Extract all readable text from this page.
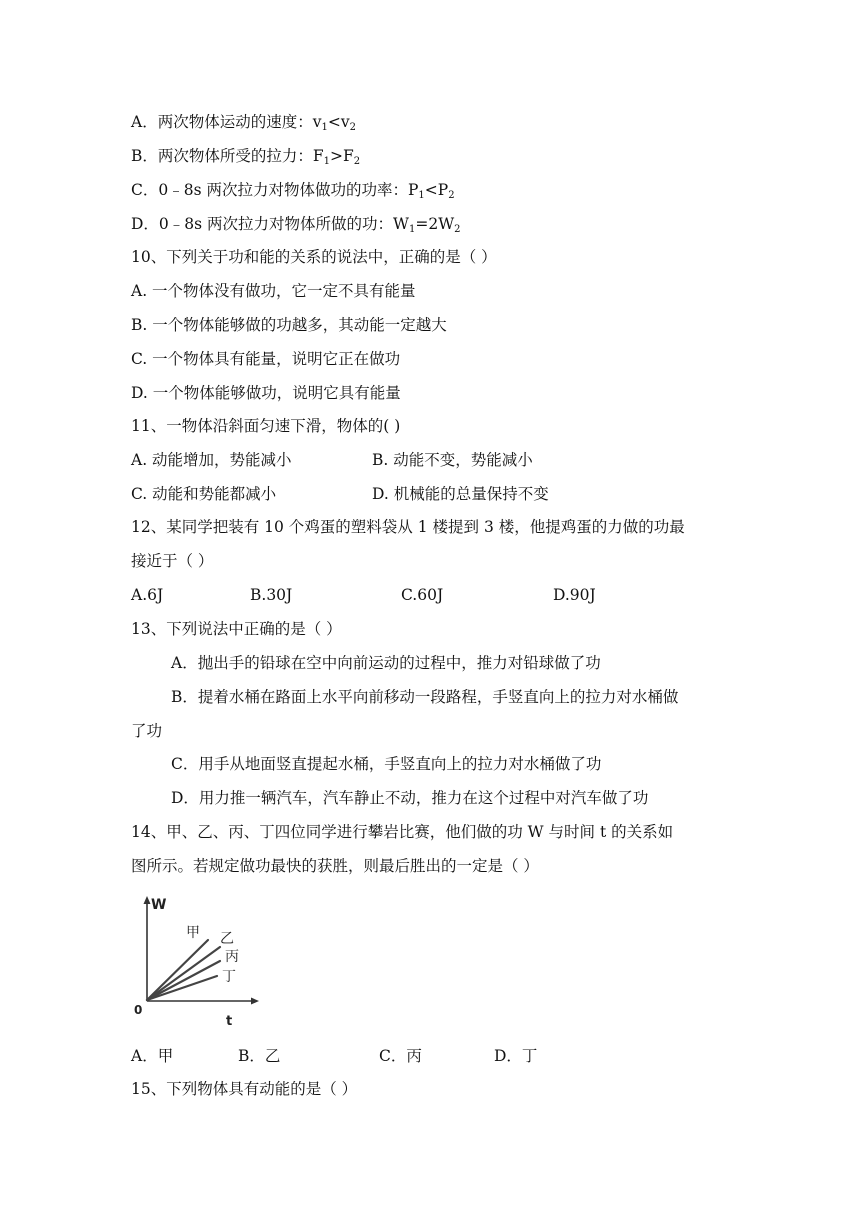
A．两次物体运动的速度：$v_1<v_2$
B．两次物体所受的拉力：$F_1>F_2$
C．0﹣8s 两次拉力对物体做功的功率：$P_1<P_2$
D．0﹣8s 两次拉力对物体所做的功：$W_1=2W_2$
10、下列关于功和能的关系的说法中，正确的是（ ）
A. 一个物体没有做功，它一定不具有能量
B. 一个物体能够做的功越多，其动能一定越大
C. 一个物体具有能量，说明它正在做功
D. 一个物体能够做功，说明它具有能量
11、一物体沿斜面匀速下滑，物体的( )
A. 动能增加，势能减小	B. 动能不变，势能减小
C. 动能和势能都减小	D. 机械能的总量保持不变
12、某同学把装有 10 个鸡蛋的塑料袋从 1 楼提到 3 楼，他提鸡蛋的力做的功最
接近于（ ）
A.6J	B.30J	C.60J	D.90J
13、下列说法中正确的是（ ）
A．抛出手的铅球在空中向前运动的过程中，推力对铅球做了功
B．提着水桶在路面上水平向前移动一段路程，手竖直向上的拉力对水桶做
了功
C．用手从地面竖直提起水桶，手竖直向上的拉力对水桶做了功
D．用力推一辆汽车，汽车静止不动，推力在这个过程中对汽车做了功
14、甲、乙、丙、丁四位同学进行攀岩比赛，他们做的功 W 与时间 t 的关系如
图所示。若规定做功最快的获胜，则最后胜出的一定是（ ）
W
t
0
甲 乙
丙
丁
A．甲	B．乙	C．丙	D．丁
15、下列物体具有动能的是（ ）
